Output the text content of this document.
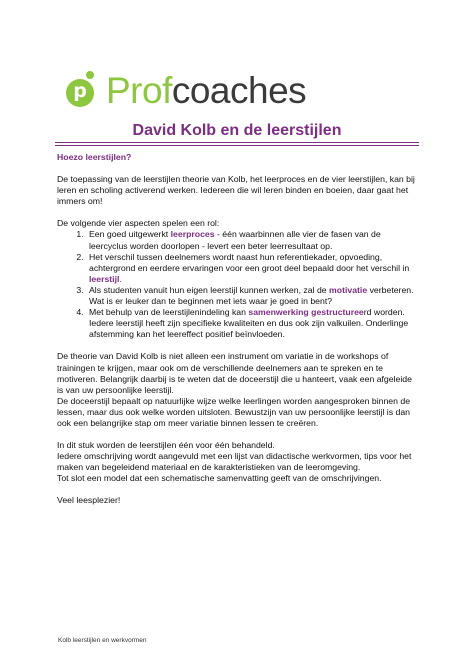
p Profcoaches
David Kolb en de leerstijlen

Hoezo leerstijlen?

De toepassing van de leerstijlen theorie van Kolb, het leerproces en de vier leerstijlen, kan bij leren en scholing activerend werken. Iedereen die wil leren binden en boeien, daar gaat het immers om!

De volgende vier aspecten spelen een rol:

1. Een goed uitgewerkt leerproces - één waarbinnen alle vier de fasen van de leercyclus worden doorlopen - levert een beter leerresultaat op.
2. Het verschil tussen deelnemers wordt naast hun referentiekader, opvoeding, achtergrond en eerdere ervaringen voor een groot deel bepaald door het verschil in leerstijl.
3. Als studenten vanuit hun eigen leerstijl kunnen werken, zal de motivatie verbeteren. Wat is er leuker dan te beginnen met iets waar je goed in bent?
4. Met behulp van de leerstijlenindeling kan samenwerking gestructureerd worden. Iedere leerstijl heeft zijn specifieke kwaliteiten en dus ook zijn valkuilen. Onderlinge afstemming kan het leereffect positief beïnvloeden.

De theorie van David Kolb is niet alleen een instrument om variatie in de workshops of trainingen te krijgen, maar ook om de verschillende deelnemers aan te spreken en te motiveren. Belangrijk daarbij is te weten dat de doceerstijl die u hanteert, vaak een afgeleide is van uw persoonlijke leerstijl.

De doceerstijl bepaalt op natuurlijke wijze welke leerlingen worden aangesproken binnen de lessen, maar dus ook welke worden uitsloten. Bewustzijn van uw persoonlijke leerstijl is dan ook een belangrijke stap om meer variatie binnen lessen te creëren.

In dit stuk worden de leerstijlen één voor één behandeld.

Iedere omschrijving wordt aangevuld met een lijst van didactische werkvormen, tips voor het maken van begeleidend materiaal en de karakteristieken van de leeromgeving.

Tot slot een model dat een schematische samenvatting geeft van de omschrijvingen.

Veel leesplezier!

Kolb leerstijlen en werkvormen
